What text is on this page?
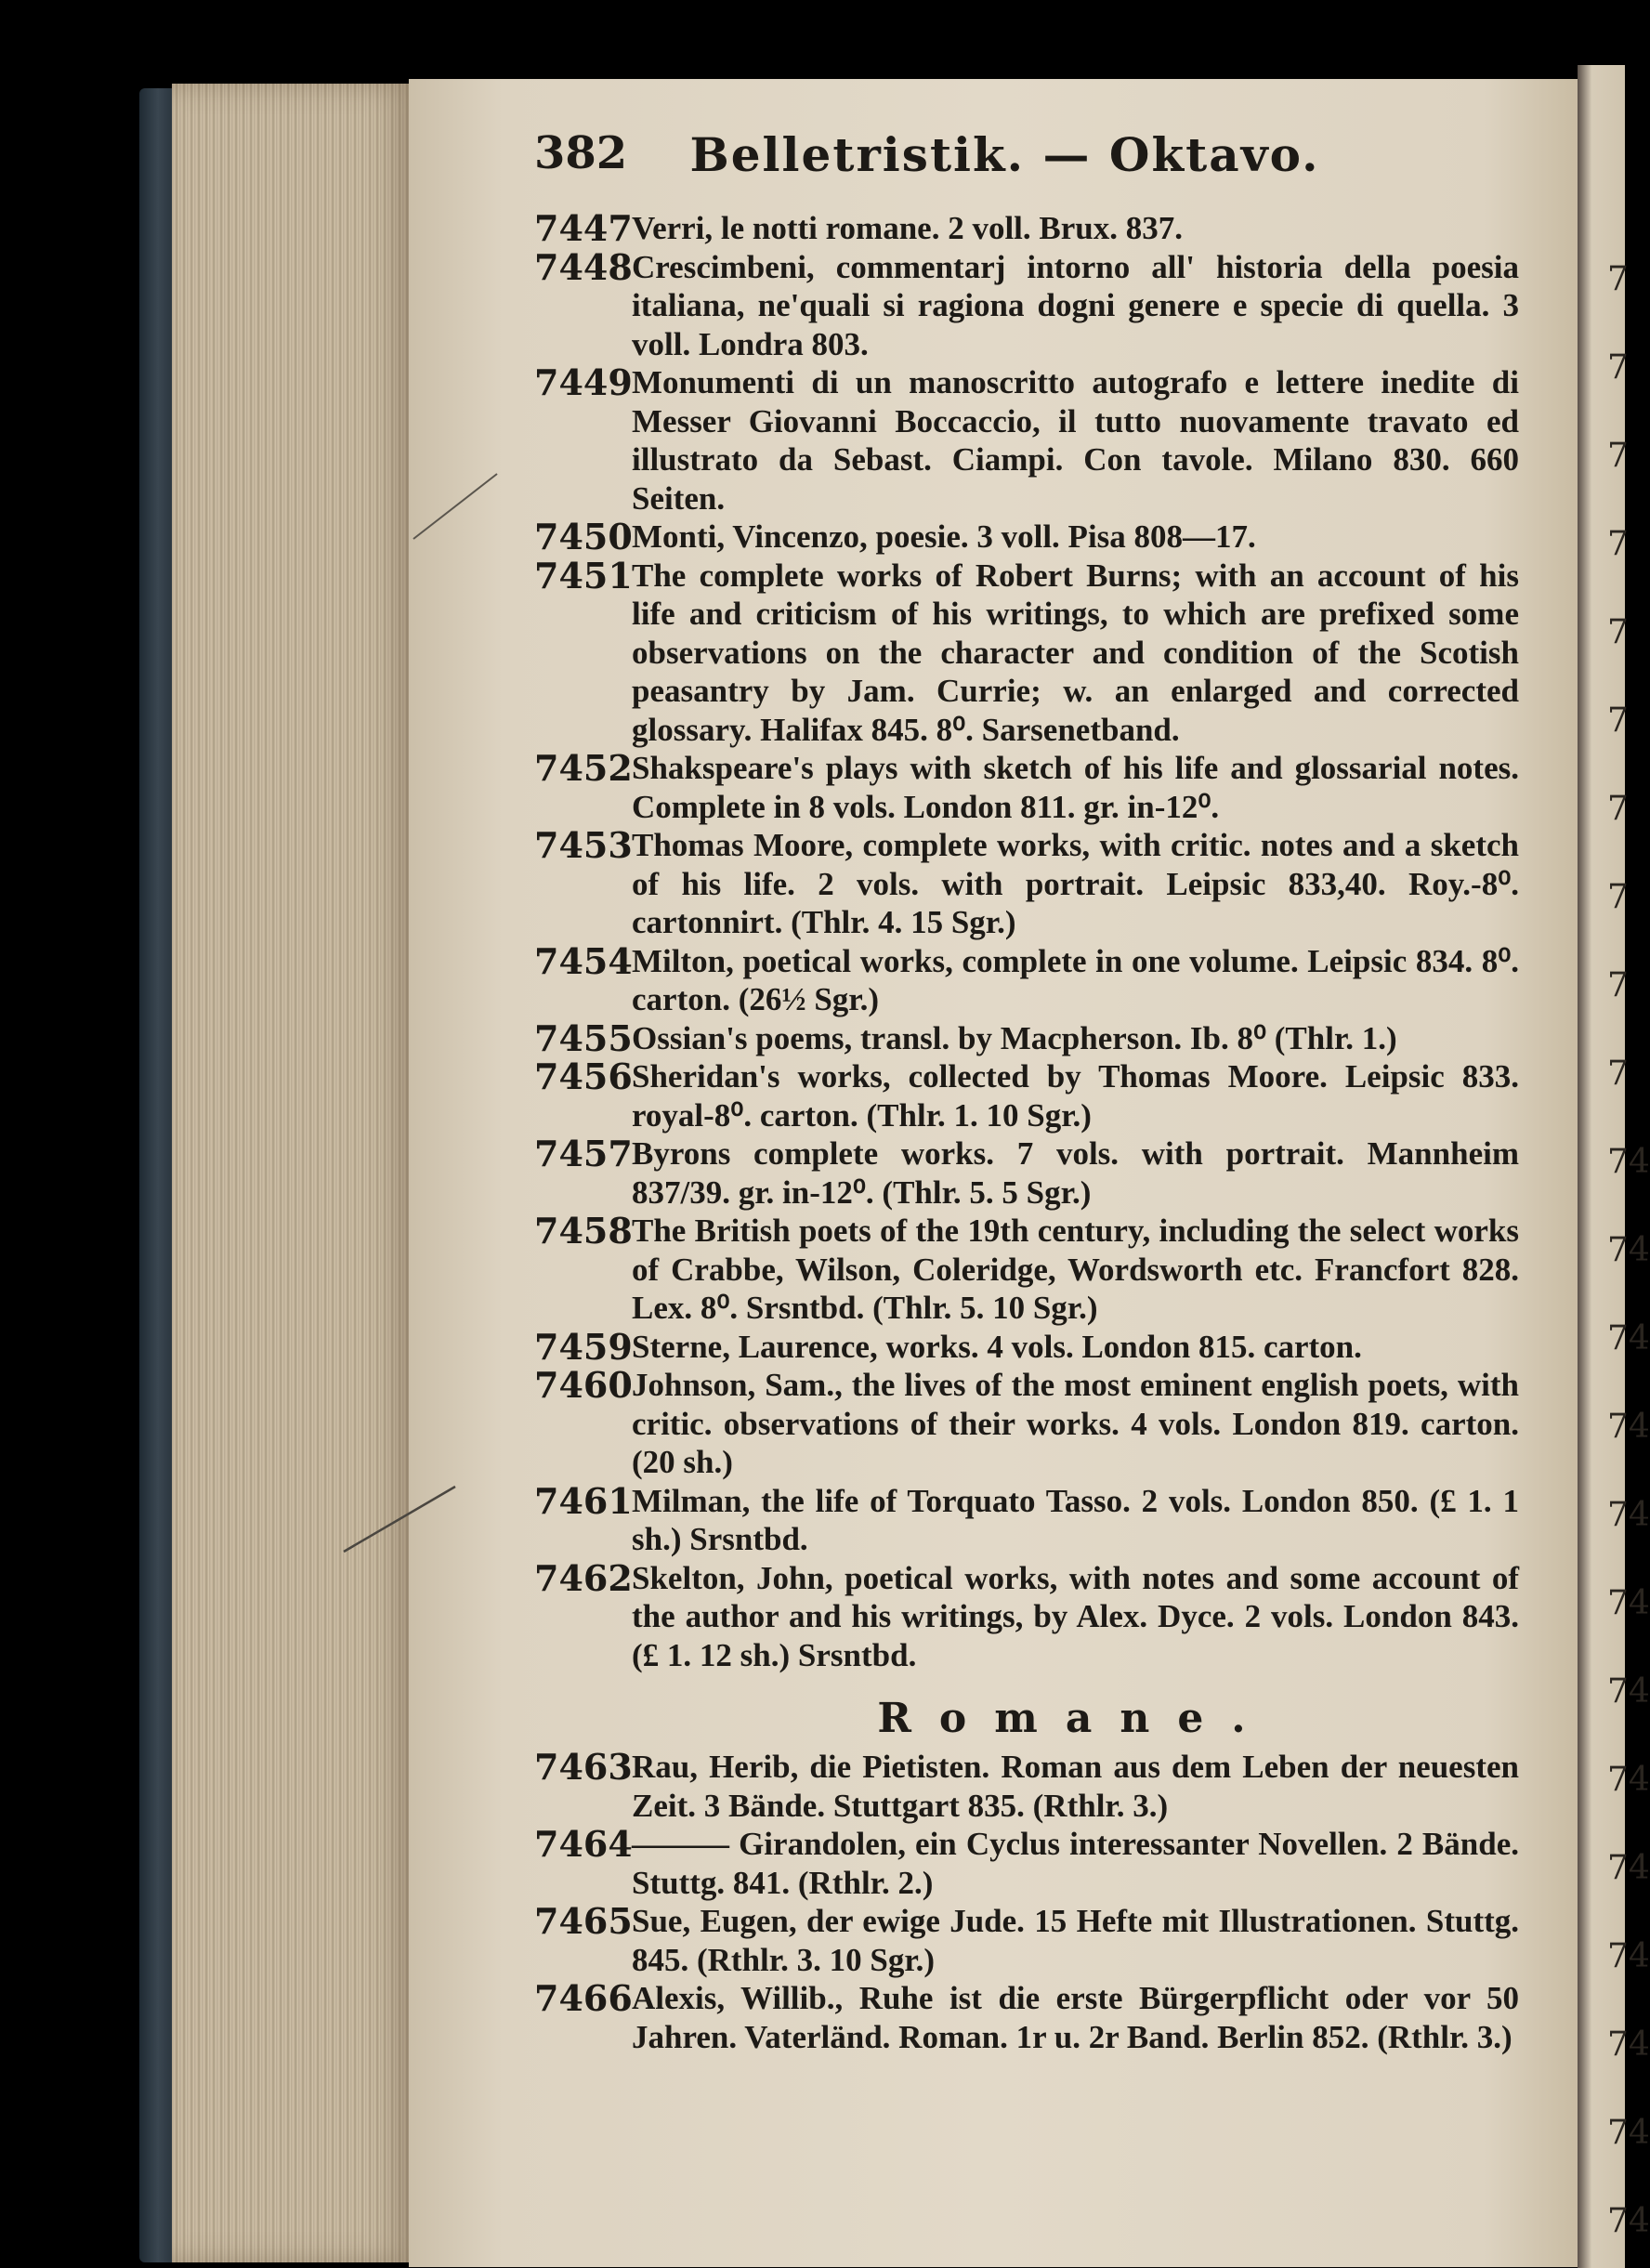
382	Belletristik. — Oktavo.
7447 Verri, le notti romane. 2 voll. Brux. 837.
7448 Crescimbeni, commentarj intorno all' historia della poesia italiana, ne'quali si ragiona dogni genere e specie di quella. 3 voll. Londra 803.
7449 Monumenti di un manoscritto autografo e lettere inedite di Messer Giovanni Boccaccio, il tutto nuovamente travato ed illustrato da Sebast. Ciampi. Con tavole. Milano 830. 660 Seiten.
7450 Monti, Vincenzo, poesie. 3 voll. Pisa 808—17.
7451 The complete works of Robert Burns; with an account of his life and criticism of his writings, to which are prefixed some observations on the character and condition of the Scotish peasantry by Jam. Currie; w. an enlarged and corrected glossary. Halifax 845. 8⁰. Sarsenetband.
7452 Shakspeare's plays with sketch of his life and glossarial notes. Complete in 8 vols. London 811. gr. in-12⁰.
7453 Thomas Moore, complete works, with critic. notes and a sketch of his life. 2 vols. with portrait. Leipsic 833,40. Roy.-8⁰. cartonnirt. (Thlr. 4. 15 Sgr.)
7454 Milton, poetical works, complete in one volume. Leipsic 834. 8⁰. carton. (26½ Sgr.)
7455 Ossian's poems, transl. by Macpherson. Ib. 8⁰ (Thlr. 1.)
7456 Sheridan's works, collected by Thomas Moore. Leipsic 833. royal-8⁰. carton. (Thlr. 1. 10 Sgr.)
7457 Byrons complete works. 7 vols. with portrait. Mannheim 837/39. gr. in-12⁰. (Thlr. 5. 5 Sgr.)
7458 The British poets of the 19th century, including the select works of Crabbe, Wilson, Coleridge, Wordsworth etc. Francfort 828. Lex. 8⁰. Srsntbd. (Thlr. 5. 10 Sgr.)
7459 Sterne, Laurence, works. 4 vols. London 815. carton.
7460 Johnson, Sam., the lives of the most eminent english poets, with critic. observations of their works. 4 vols. London 819. carton. (20 sh.)
7461 Milman, the life of Torquato Tasso. 2 vols. London 850. (£ 1. 1 sh.) Srsntbd.
7462 Skelton, John, poetical works, with notes and some account of the author and his writings, by Alex. Dyce. 2 vols. London 843. (£ 1. 12 sh.) Srsntbd.
Romane.
7463 Rau, Herib, die Pietisten. Roman aus dem Leben der neuesten Zeit. 3 Bände. Stuttgart 835. (Rthlr. 3.)
7464 ——— Girandolen, ein Cyclus interessanter Novellen. 2 Bände. Stuttg. 841. (Rthlr. 2.)
7465 Sue, Eugen, der ewige Jude. 15 Hefte mit Illustrationen. Stuttg. 845. (Rthlr. 3. 10 Sgr.)
7466 Alexis, Willib., Ruhe ist die erste Bürgerpflicht oder vor 50 Jahren. Vaterländ. Roman. 1r u. 2r Band. Berlin 852. (Rthlr. 3.)
7
7
7
7
7
7
7
7
7
7
74
74
74
74
74
74
74
74
74
74
74
74
74
